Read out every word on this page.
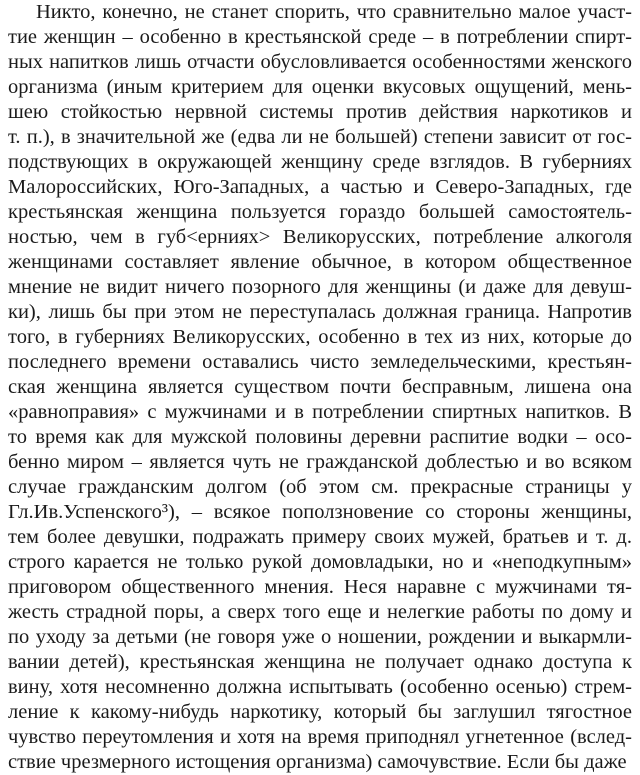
Никто, конечно, не станет спорить, что сравнительно малое участ-
тие женщин – особенно в крестьянской среде – в потреблении спирт-
ных напитков лишь отчасти обусловливается особенностями женского
организма (иным критерием для оценки вкусовых ощущений, мень-
шею стойкостью нервной системы против действия наркотиков и
т. п.), в значительной же (едва ли не большей) степени зависит от гос-
подствующих в окружающей женщину среде взглядов. В губерниях
Малороссийских, Юго-Западных, а частью и Северо-Западных, где
крестьянская женщина пользуется гораздо большей самостоятель-
ностью, чем в губ<ерниях> Великорусских, потребление алкоголя
женщинами составляет явление обычное, в котором общественное
мнение не видит ничего позорного для женщины (и даже для девуш-
ки), лишь бы при этом не переступалась должная граница. Напротив
того, в губерниях Великорусских, особенно в тех из них, которые до
последнего времени оставались чисто земледельческими, крестьян-
ская женщина является существом почти бесправным, лишена она
«равноправия» с мужчинами и в потреблении спиртных напитков. В
то время как для мужской половины деревни распитие водки – осо-
бенно миром – является чуть не гражданской доблестью и во всяком
случае гражданским долгом (об этом см. прекрасные страницы у
Гл.Ив.Успенского³), – всякое поползновение со стороны женщины,
тем более девушки, подражать примеру своих мужей, братьев и т. д.
строго карается не только рукой домовладыки, но и «неподкупным»
приговором общественного мнения. Неся наравне с мужчинами тя-
жесть страдной поры, а сверх того еще и нелегкие работы по дому и
по уходу за детьми (не говоря уже о ношении, рождении и выкармли-
вании детей), крестьянская женщина не получает однако доступа к
вину, хотя несомненно должна испытывать (особенно осенью) стрем-
ление к какому-нибудь наркотику, который бы заглушил тягостное
чувство переутомления и хотя на время приподнял угнетенное (вслед-
ствие чрезмерного истощения организма) самочувствие. Если бы даже
